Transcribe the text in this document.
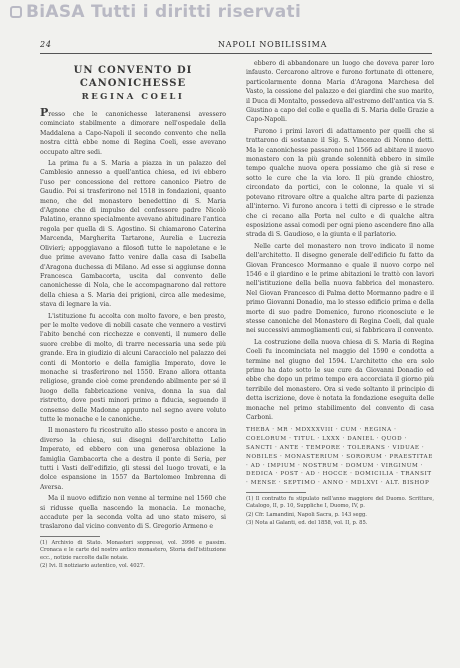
BiASA Tutti i diritti riservati
24	NAPOLI NOBILISSIMA
UN CONVENTO DI CANONICHESSE
REGINA COELI

Presso che le canonichesse lateranensi avessero cominciato stabilmente a dimorare nell'ospedale della Maddalena a Capo-Napoli il secondo convento che nella nostra città ebbe nome di Regina Coeli, esse avevano occupato altre sedi.

La prima fu a S. Maria a piazza in un palazzo del Camblesio annesso a quell'antica chiesa, ed ivi ebbero l'uso per concessione del rettore canonico Pietro de Gaudio. Poi si trasferirono nel 1518 in fondazioni, quanto meno, che del monastero benedettino di S. Maria d'Agnone che di impulso del confessore padre Nicolò Palatino, eranno specialmente avevano abitudinare l'antica regola per quella di S. Agostino. Si chiamarono Caterina Marcenda, Margherita Tartarone, Aurelia e Lucrezia Olivieri; appoggiavano a filosofi tutte le napoletane e le due prime avevano fatto venire dalla casa di Isabella d'Aragona duchessa di Milano. Ad esse si aggiunse donna Francesca Gambacorta, uscita dal convento delle canonichesse di Nola, che le accompagnarono dal rettore della chiesa a S. Maria dei prigioni, circa alle medesime, stava di legnare la via.

L'istituzione fu accolta con molto favore, e ben presto, per le molte vedove di nobili casate che vennero a vestirvi l'abito benché con ricchezze e conventi, il numero delle suore crebbe di molto, di trarre necessaria una sede più grande. Era in giudizio di alcuni Caracciolo nel palazzo dei conti di Montorio e della famiglia Imperato, dove le monache si trasferirono nel 1550. Erano allora ottanta religiose, grande cioè come prendendo abilmente per sé il luogo della fabbricazione veniva, donna la sua dal ristretto, dove posti minori primo a fiducia, seguendo il consenso delle Madonne appunto nel segno avere voluto tutte le monache e le canoniche.

Il monastero fu ricostruito allo stesso posto e ancora in diverso la chiesa, sui disegni dell'architetto Lelio Imperato, ed ebbero con una generosa oblazione la famiglia Gambacorta che a destra il ponte di Seria, per tutti i Vasti dell'edifizio, gli stessi del luogo trovati, e la dolce espansione in 1557 da Bartolomeo Imbrenna di Aversa.

Ma il nuovo edifizio non venne al termine nel 1560 che si ridusse quella nascendo la monacia. Le monache, accadute per la seconda volta ad uno stato misero, si traslarono dal vicino convento di S. Gregorio Armeno e

(1) Archivio di Stato. Monasteri soppressi, vol. 3996 e passim. Cronaca e le carte del nostro antico monastero, Storia dell'istituzione ecc., notizie raccolte dalle notaie.

(2) Ivi. Il notiziario autentico, vol. 4027.

ebbero di abbandonare un luogo che doveva parer loro infausto. Cercarono altrove e furono fortunate di ottenere, particolarmente donna Maria d'Aragona Marchesa del Vasto, la cessione del palazzo e dei giardini che suo marito, il Duca di Montalto, possedeva all'estremo dell'antica via S. Giustino a capo del colle e quella di S. Maria delle Grazie a Capo-Napoli.

Furono i primi lavori di adattamento per quelli che si trattarono di sostanze il Sig. S. Vincenzo di Nonno detti. Ma le canonichesse passarono nel 1566 ad abitare il nuovo monastero con la più grande solennità ebbero in simile tempo qualche nuova opera possiamo che già si rese e sotto le cure che la via loro. Il più grande chiostro, circondato da portici, con le colonne, la quale vi si potevano ritrovare oltre a qualche altra parte di pazienza all'interno. Vi furono ancora i tetti di cipresso e le strade che ci recano alla Porta nel culto e di qualche altra esposizione assai comodi per ogni pieno ascendere fino alla strada di S. Gaudioso, e la giunta e il parlatorio.

Nelle carte del monastero non trovo indicato il nome dell'architetto. Il disegno generale dell'edificio fu fatto da Giovan Francesco Mormanno e quale il nuovo corpo nel 1546 e il giardino e le prime abitazioni le trattò con lavori nell'istituzione della bella nuova fabbrica del monastero. Nel Giovan Francesco di Palma detto Mormanno padre e il primo Giovanni Donadio, ma lo stesso edificio prima e della morte di suo padre Domenico, furono riconosciute e le stesse canoniche del Monastero di Regina Coeli, dal quale nei successivi ammogliamenti cui, si fabbricava il convento.

La costruzione della nuova chiesa di S. Maria di Regina Coeli fu incominciata nel maggio del 1590 e condotta a termine nel giugno del 1594. L'architetto che era solo primo ha dato sotto le sue cure da Giovanni Donadio ed ebbe che dopo un primo tempo era accorciata il giorno più terribile del monastero. Ora si vede soltanto il principio di detta iscrizione, dove è notata la fondazione eseguita delle monache nel primo stabilimento del convento di casa Carboni.

THEBA · MR · MDXXXVIII · CUM · REGINA · COELORUM · TITUL · LXXX · DANIEL · QUOD · SANCTI · ANTE · TEMPORE · TOLERANS · VIDUAE · NOBILES · MONASTERIUM · SORORUM · PRAESTITAE · AD · IMPIUM · NOSTRUM · DOMUM · VIRGINUM · DEDICA · POST · AD · HOCCE · DOMICILIA · TRANSIT · MENSE · SEPTIMO · ANNO · MDLXVI · ALT. BISHOP

(1) Il contratto fu stipulato nell'anno maggiore del Duomo. Scritture, Catalogo, II, p. 10, Suppliche I, Duomo, IV, p.

(2) Cfr. Lamandini, Napoli Sacra, p. 143 segg.

(3) Nota al Galanti, ed. del 1858, vol. II, p. 85.
